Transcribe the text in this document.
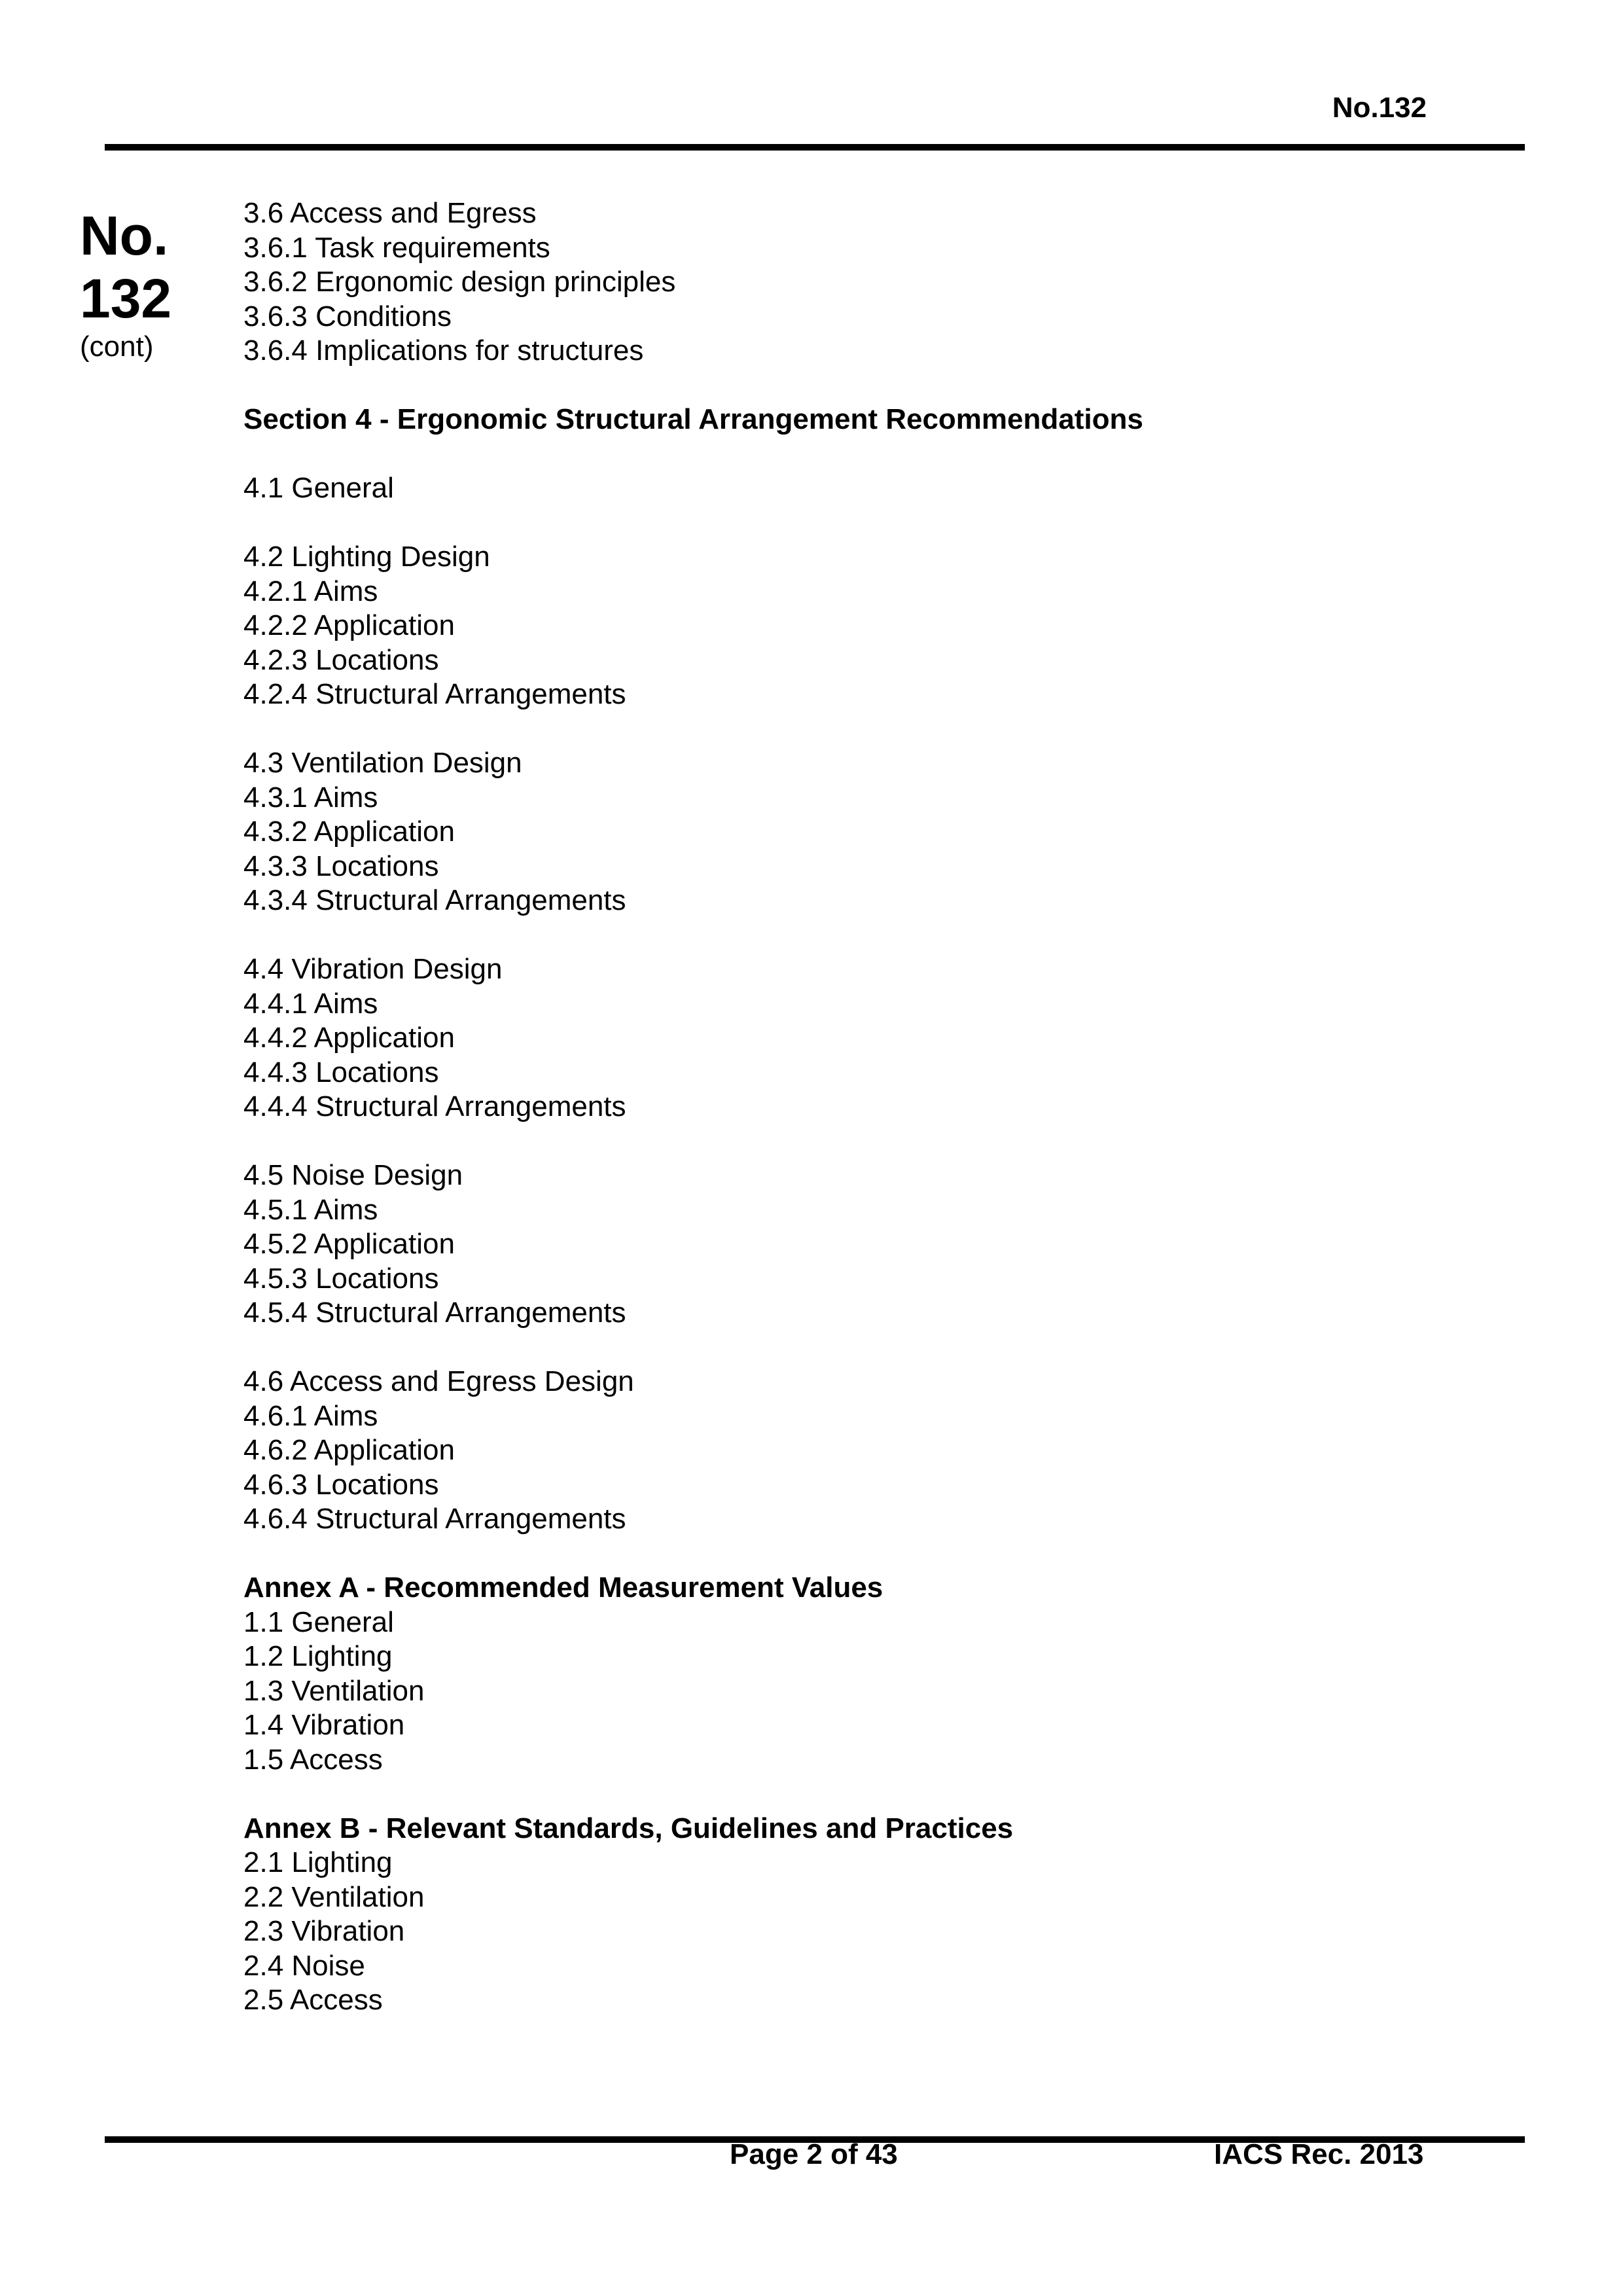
No.132
No.
132
(cont)
3.6 Access and Egress
3.6.1 Task requirements
3.6.2 Ergonomic design principles
3.6.3 Conditions
3.6.4 Implications for structures
Section 4 - Ergonomic Structural Arrangement Recommendations
4.1 General
4.2 Lighting Design
4.2.1 Aims
4.2.2 Application
4.2.3 Locations
4.2.4 Structural Arrangements
4.3 Ventilation Design
4.3.1 Aims
4.3.2 Application
4.3.3 Locations
4.3.4 Structural Arrangements
4.4 Vibration Design
4.4.1 Aims
4.4.2 Application
4.4.3 Locations
4.4.4 Structural Arrangements
4.5 Noise Design
4.5.1 Aims
4.5.2 Application
4.5.3 Locations
4.5.4 Structural Arrangements
4.6 Access and Egress Design
4.6.1 Aims
4.6.2 Application
4.6.3 Locations
4.6.4 Structural Arrangements
Annex A - Recommended Measurement Values
1.1 General
1.2 Lighting
1.3 Ventilation
1.4 Vibration
1.5 Access
Annex B - Relevant Standards, Guidelines and Practices
2.1 Lighting
2.2 Ventilation
2.3 Vibration
2.4 Noise
2.5 Access
Page 2 of 43	IACS Rec. 2013
